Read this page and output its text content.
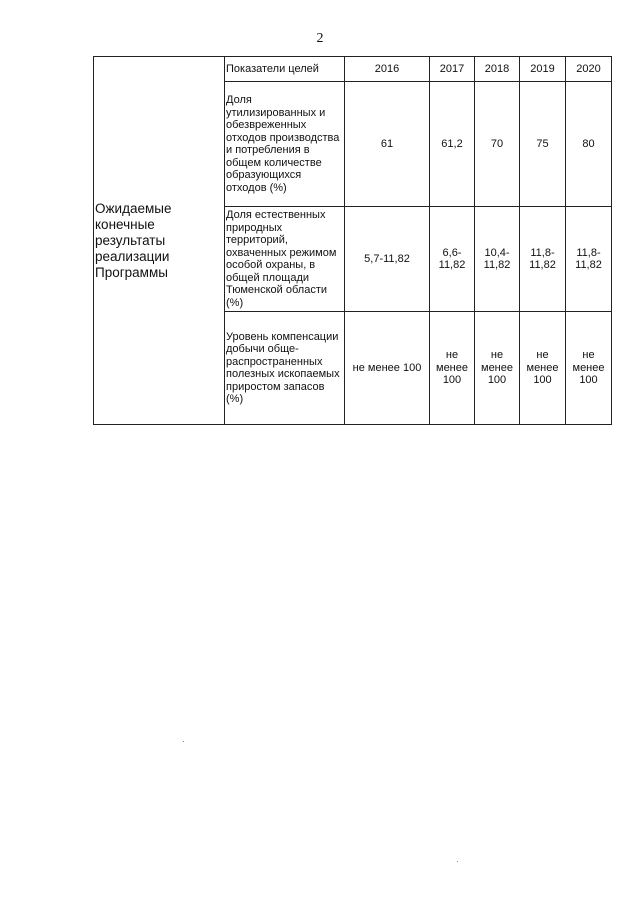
2
Ожидаемые конечные результаты реализации Программы	Показатели целей	2016	2017	2018	2019	2020
	Доля утилизированных и обезвреженных отходов производства и потребления в общем количестве образующихся отходов (%)	61	61,2	70	75	80
	Доля естественных природных территорий, охваченных режимом особой охраны, в общей площади Тюменской области (%)	5,7-11,82	6,6-11,82	10,4-11,82	11,8-11,82	11,8-11,82
	Уровень компенсации добычи обще-распространенных полезных ископаемых приростом запасов (%)	не менее 100	не менее 100	не менее 100	не менее 100	не менее 100
